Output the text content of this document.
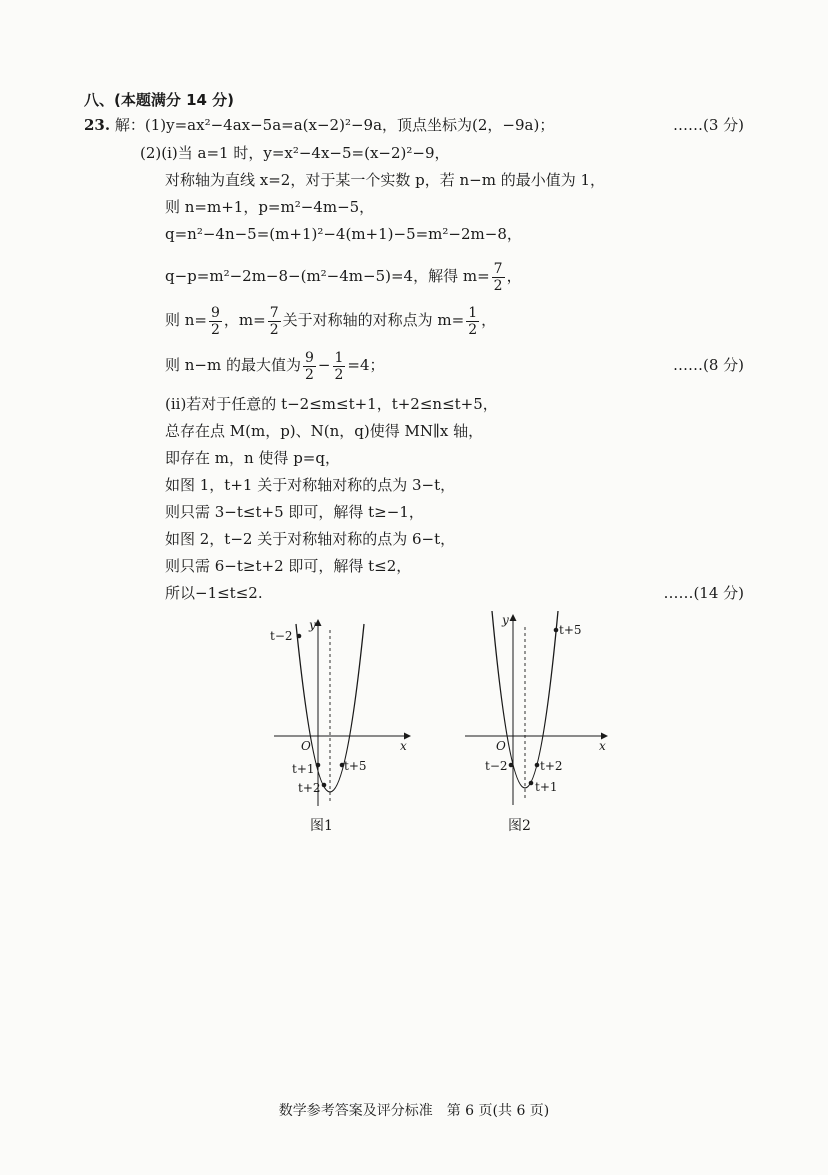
八、(本题满分 14 分)
23. 解：(1)y=ax²−4ax−5a=a(x−2)²−9a，顶点坐标为(2，−9a)；	……(3 分)
(2)(i)当 a=1 时，y=x²−4x−5=(x−2)²−9，
对称轴为直线 x=2，对于某一个实数 p，若 n−m 的最小值为 1，
则 n=m+1，p=m²−4m−5，
q=n²−4n−5=(m+1)²−4(m+1)−5=m²−2m−8，
q−p=m²−2m−8−(m²−4m−5)=4，解得 $m= \frac{7}{2}$ ，
则 $n= \frac{9}{2}$ ，$m= \frac{7}{2}$ 关于对称轴的对称点为 $m= \frac{1}{2}$ ，
则 n−m 的最大值为 $\frac{9}{2} - \frac{1}{2} =4$；	……(8 分)
(ii)若对于任意的 t−2≤m≤t+1，t+2≤n≤t+5，
总存在点 M(m，p)、N(n，q)使得 MN∥x 轴，
即存在 m，n 使得 p=q，
如图 1，t+1 关于对称轴对称的点为 3−t，
则只需 3−t≤t+5 即可，解得 t≥−1，
如图 2，t−2 关于对称轴对称的点为 6−t，
则只需 6−t≥t+2 即可，解得 t≤2，
所以−1≤t≤2.	……(14 分)
y
x
O
t−2
t+1
t+2
t+5
图1
y
x
O
t+5
t−2	t+2
t+1
图2
数学参考答案及评分标准　第 6 页(共 6 页)
